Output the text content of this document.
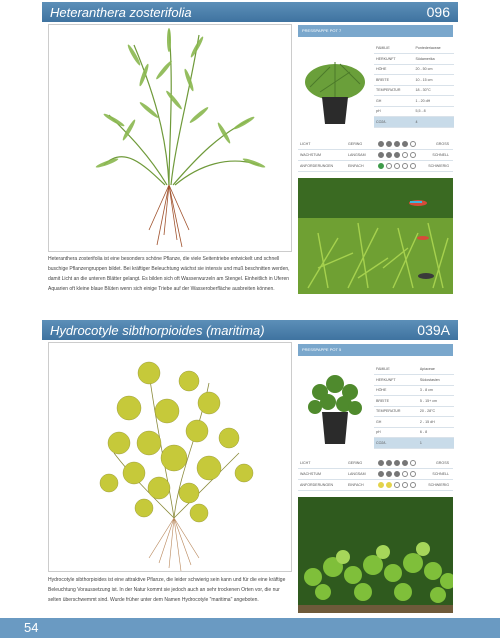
Heteranthera zosterifolia	096
Heteranthera zosterifolia ist eine besonders schöne Pflanze, die viele Seitentriebe entwickelt und schnell buschige Pflanzengruppen bildet. Bei kräftiger Beleuchtung wächst sie intensiv und muß beschnitten werden, damit Licht an die unteren Blätter gelangt. Es bilden sich oft Wasserwurzeln am Stengel. Einheitlich in Uferen Aquarien oft kleine blaue Blüten wenn sich einige Triebe auf der Wasseroberfläche ausbreiten können.
PRESSPAPPE POT 7
FAMILIE	Pontederiaceae
HERKUNFT	Südamerika
HÖHE	20 - 50 cm
BREITE	10 - 15 cm
TEMPERATUR	18 - 30°C
GH	1 - 20 dH
pH	5,5 - 8
CO2/L	4
LICHT	GERING	GROSS
WACHSTUM	LANGSAM	SCHNELL
ANFORDERUNGEN	EINFACH	SCHWIERIG
Hydrocotyle sibthorpioides (maritima)	039A
Hydrocotyle sibthorpioides ist eine attraktive Pflanze, die leider schwierig sein kann und für die eine kräftige Beleuchtung Voraussetzung ist. In der Natur kommt sie jedoch auch an sehr trockenen Orten vor, die nur selten überschwemmt sind. Wurde früher unter dem Namen Hydrocotyle "maritima" angeboten.
PRESSPAPPE POT 5
FAMILIE	Apiaceae
HERKUNFT	Südostasien
HÖHE	3 - 8 cm
BREITE	5 - 15+ cm
TEMPERATUR	20 - 28°C
GH	2 - 15 dH
pH	6 - 8
CO2/L	1
LICHT	GERING	GROSS
WACHSTUM	LANGSAM	SCHNELL
ANFORDERUNGEN	EINFACH	SCHWIERIG
54
